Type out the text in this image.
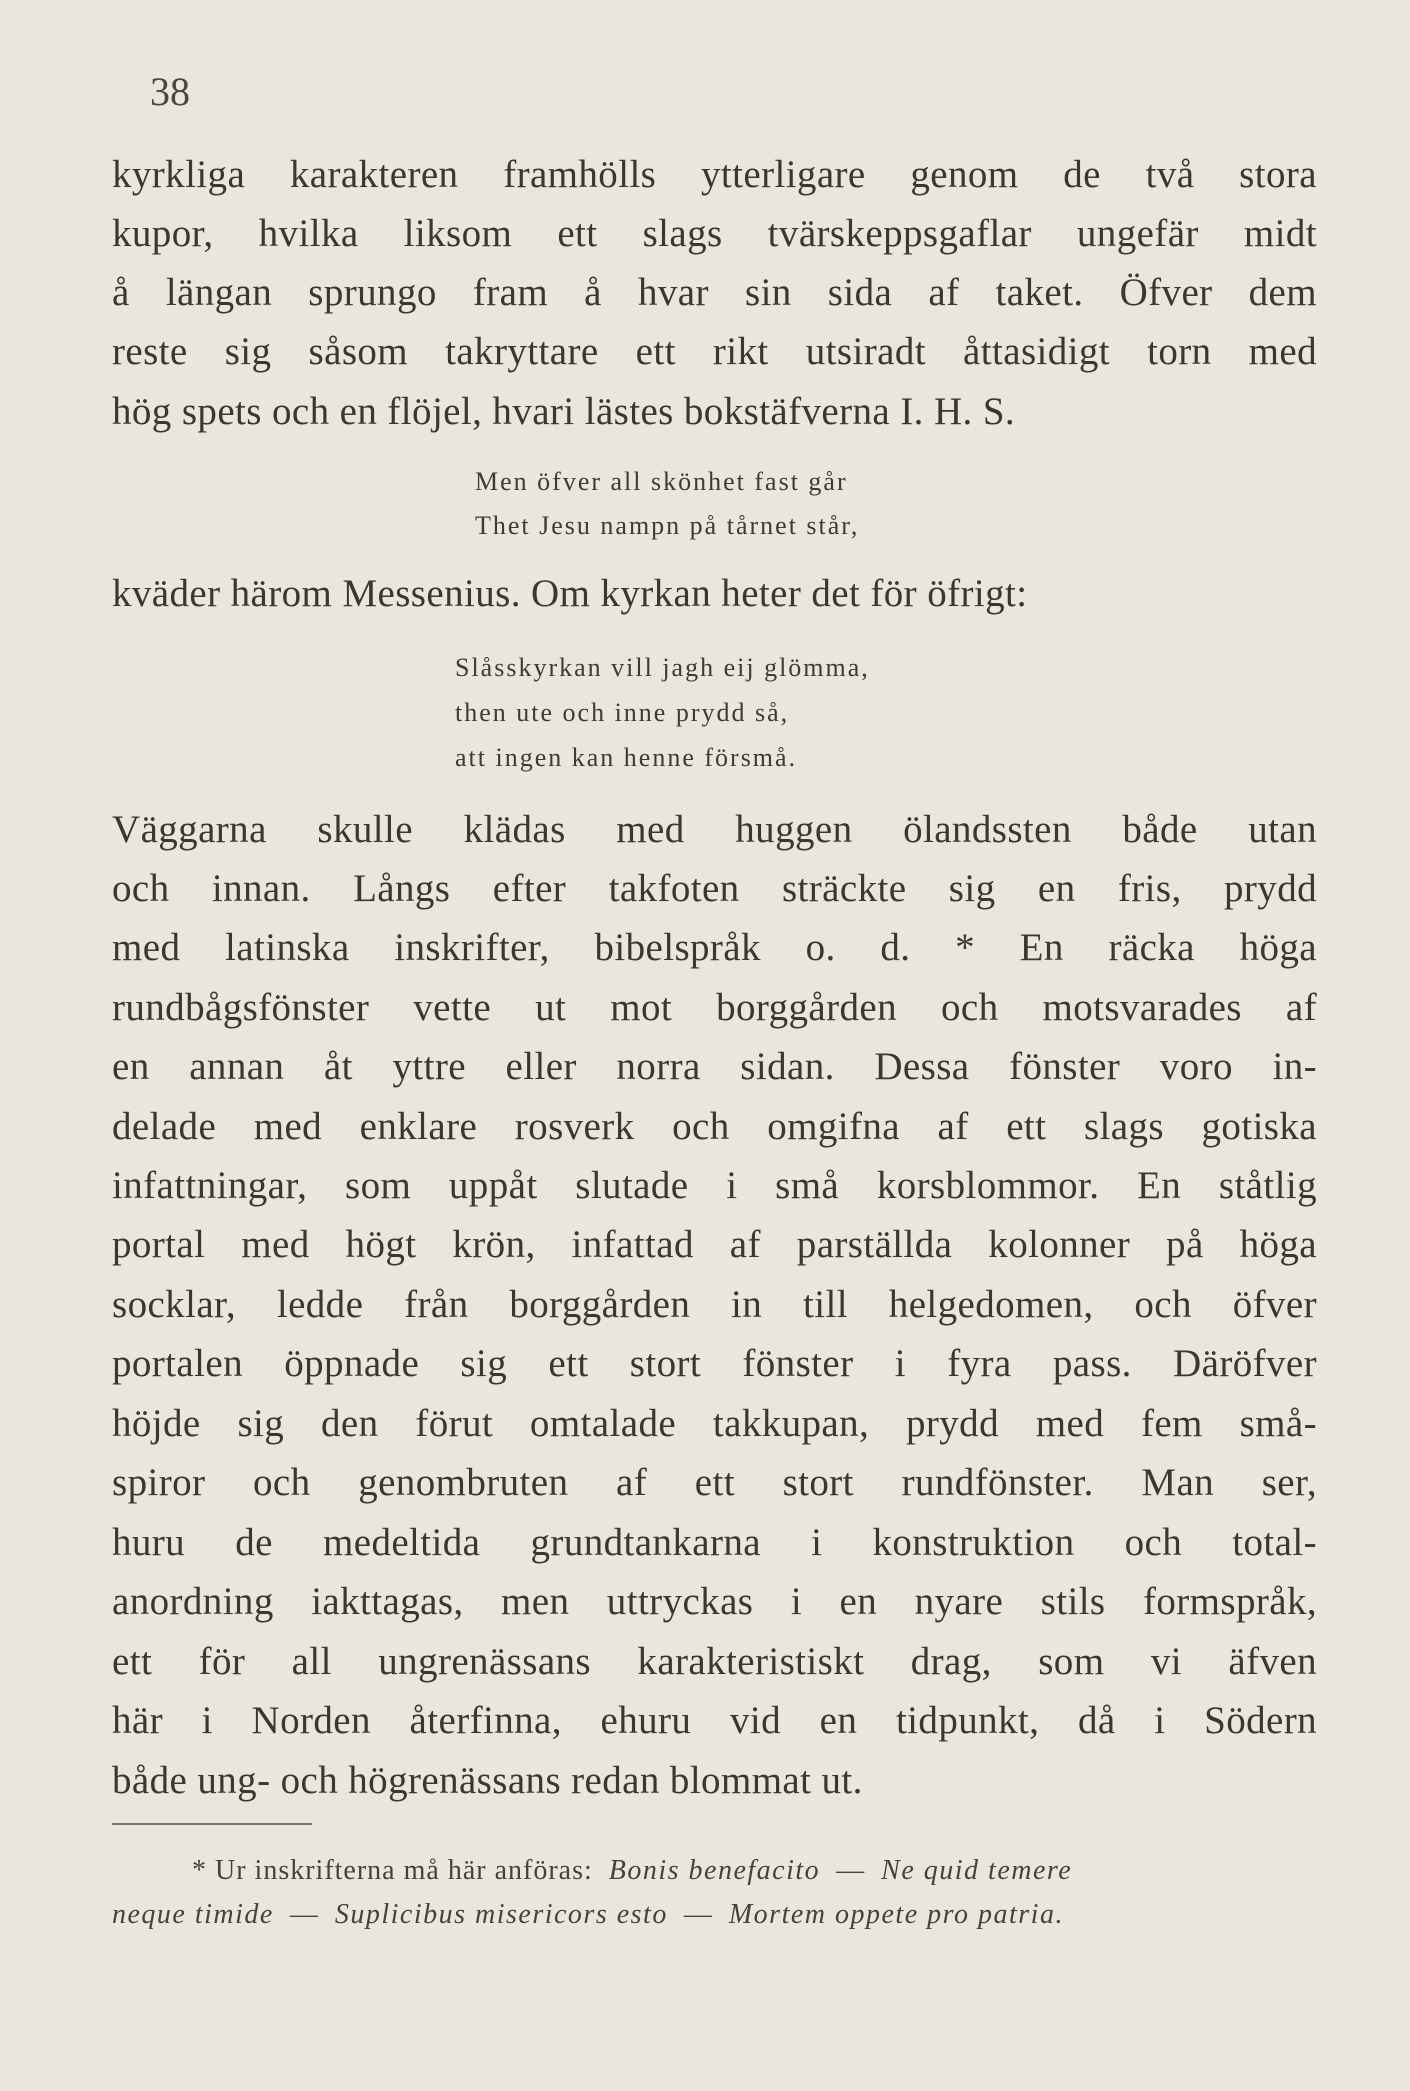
38
kyrkliga karakteren framhölls ytterligare genom de två stora
kupor, hvilka liksom ett slags tvärskeppsgaflar ungefär midt
å längan sprungo fram å hvar sin sida af taket. Öfver dem
reste sig såsom takryttare ett rikt utsiradt åttasidigt torn med
hög spets och en flöjel, hvari lästes bokstäfverna I. H. S.
Men öfver all skönhet fast går
Thet Jesu nampn på tårnet står,
kväder härom Messenius. Om kyrkan heter det för öfrigt:
Slåsskyrkan vill jagh eij glömma,
then ute och inne prydd så,
att ingen kan henne försmå.
Väggarna skulle klädas med huggen ölandssten både utan
och innan. Långs efter takfoten sträckte sig en fris, prydd
med latinska inskrifter, bibelspråk o. d. * En räcka höga
rundbågsfönster vette ut mot borggården och motsvarades af
en annan åt yttre eller norra sidan. Dessa fönster voro in-
delade med enklare rosverk och omgifna af ett slags gotiska
infattningar, som uppåt slutade i små korsblommor. En ståtlig
portal med högt krön, infattad af parställda kolonner på höga
socklar, ledde från borggården in till helgedomen, och öfver
portalen öppnade sig ett stort fönster i fyra pass. Däröfver
höjde sig den förut omtalade takkupan, prydd med fem små-
spiror och genombruten af ett stort rundfönster. Man ser,
huru de medeltida grundtankarna i konstruktion och total-
anordning iakttagas, men uttryckas i en nyare stils formspråk,
ett för all ungrenässans karakteristiskt drag, som vi äfven
här i Norden återfinna, ehuru vid en tidpunkt, då i Södern
både ung- och högrenässans redan blommat ut.
* Ur inskrifterna må här anföras: Bonis benefacito — Ne quid temere
neque timide — Suplicibus misericors esto — Mortem oppete pro patria.
